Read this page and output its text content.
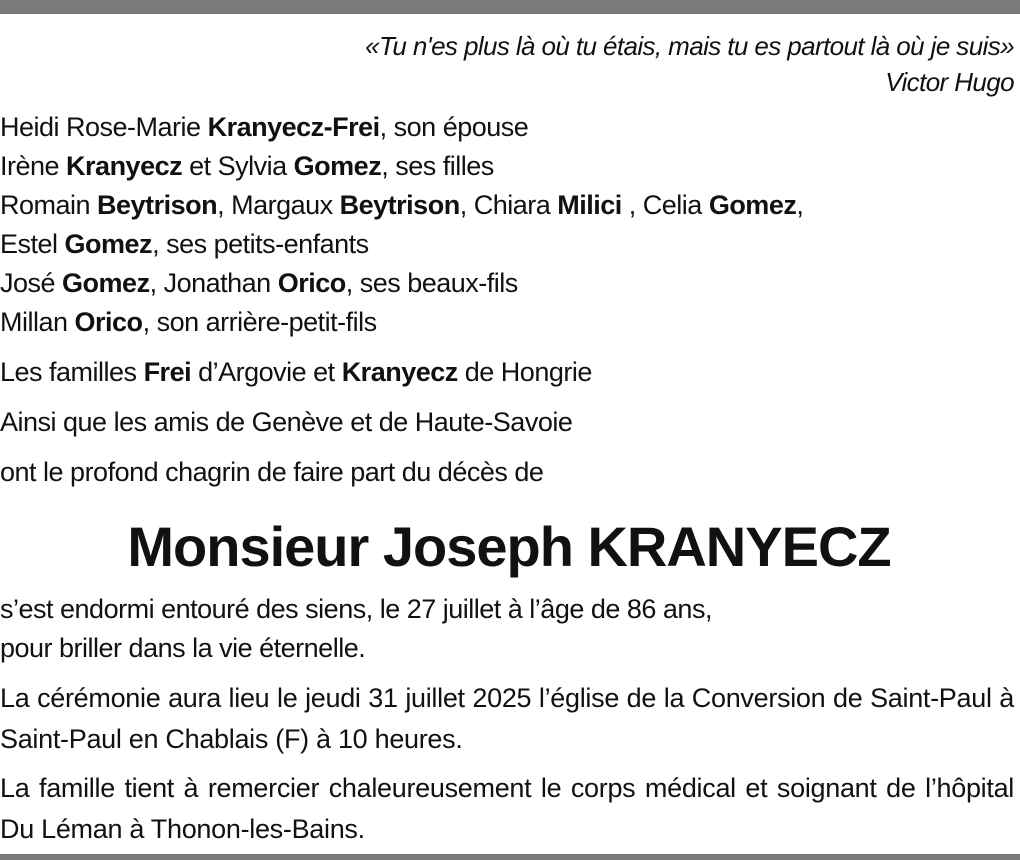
«Tu n'es plus là où tu étais, mais tu es partout là où je suis»
Victor Hugo
Heidi Rose-Marie Kranyecz-Frei, son épouse
Irène Kranyecz et Sylvia Gomez, ses filles
Romain Beytrison, Margaux Beytrison, Chiara Milici , Celia Gomez,
Estel Gomez, ses petits-enfants
José Gomez, Jonathan Orico, ses beaux-fils
Millan Orico, son arrière-petit-fils
Les familles Frei d’Argovie et Kranyecz de Hongrie
Ainsi que les amis de Genève et de Haute-Savoie
ont le profond chagrin de faire part du décès de
Monsieur Joseph KRANYECZ
s’est endormi entouré des siens, le 27 juillet à l’âge de 86 ans,
pour briller dans la vie éternelle.
La cérémonie aura lieu le jeudi 31 juillet 2025 l’église de la Conversion de Saint-Paul à Saint-Paul en Chablais (F) à 10 heures.
La famille tient à remercier chaleureusement le corps médical et soignant de l’hôpital Du Léman à Thonon-les-Bains.
